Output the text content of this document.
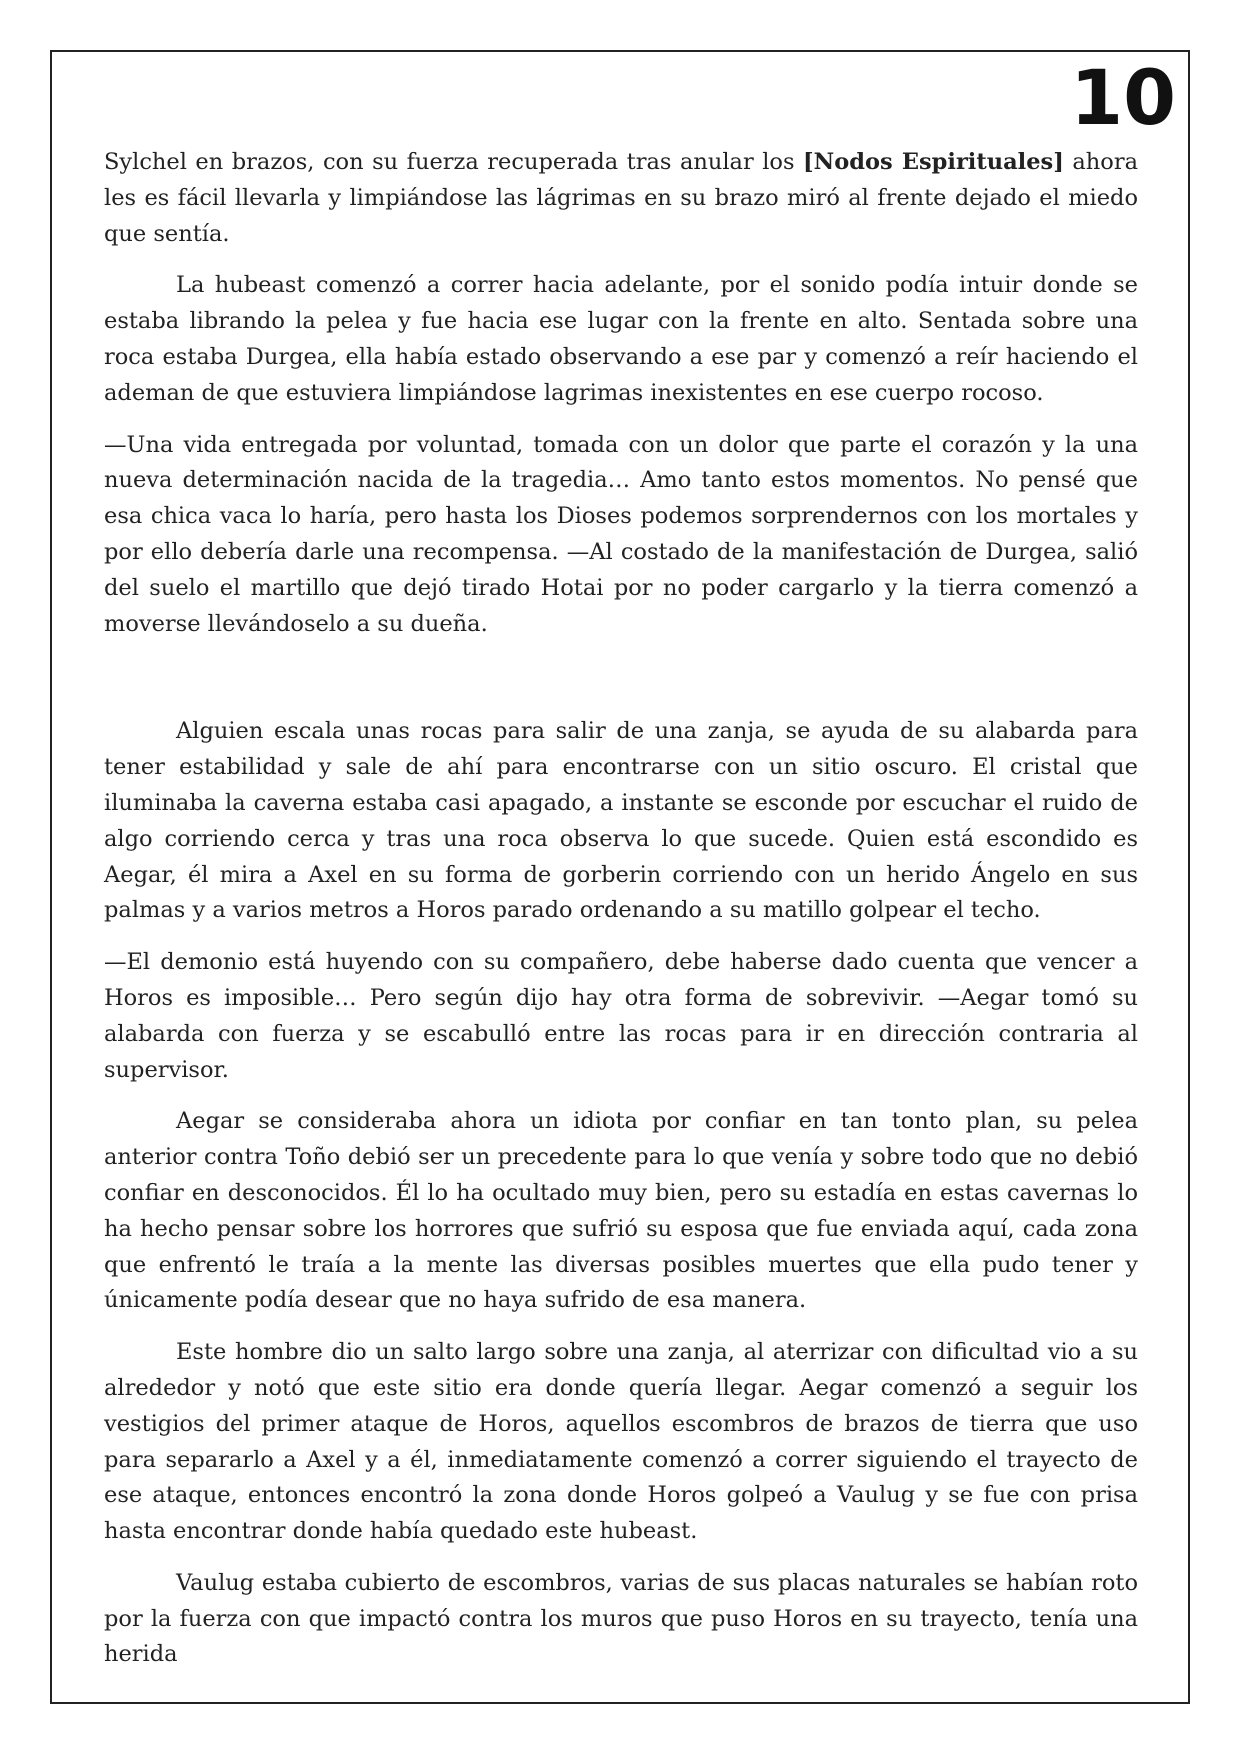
10

Sylchel en brazos, con su fuerza recuperada tras anular los [Nodos Espirituales] ahora les es fácil llevarla y limpiándose las lágrimas en su brazo miró al frente dejado el miedo que sentía.

La hubeast comenzó a correr hacia adelante, por el sonido podía intuir donde se estaba librando la pelea y fue hacia ese lugar con la frente en alto. Sentada sobre una roca estaba Durgea, ella había estado observando a ese par y comenzó a reír haciendo el ademan de que estuviera limpiándose lagrimas inexistentes en ese cuerpo rocoso.

—Una vida entregada por voluntad, tomada con un dolor que parte el corazón y la una nueva determinación nacida de la tragedia… Amo tanto estos momentos. No pensé que esa chica vaca lo haría, pero hasta los Dioses podemos sorprendernos con los mortales y por ello debería darle una recompensa. —Al costado de la manifestación de Durgea, salió del suelo el martillo que dejó tirado Hotai por no poder cargarlo y la tierra comenzó a moverse llevándoselo a su dueña.

Alguien escala unas rocas para salir de una zanja, se ayuda de su alabarda para tener estabilidad y sale de ahí para encontrarse con un sitio oscuro. El cristal que iluminaba la caverna estaba casi apagado, a instante se esconde por escuchar el ruido de algo corriendo cerca y tras una roca observa lo que sucede. Quien está escondido es Aegar, él mira a Axel en su forma de gorberin corriendo con un herido Ángelo en sus palmas y a varios metros a Horos parado ordenando a su matillo golpear el techo.

—El demonio está huyendo con su compañero, debe haberse dado cuenta que vencer a Horos es imposible… Pero según dijo hay otra forma de sobrevivir. —Aegar tomó su alabarda con fuerza y se escabulló entre las rocas para ir en dirección contraria al supervisor.

Aegar se consideraba ahora un idiota por confiar en tan tonto plan, su pelea anterior contra Toño debió ser un precedente para lo que venía y sobre todo que no debió confiar en desconocidos. Él lo ha ocultado muy bien, pero su estadía en estas cavernas lo ha hecho pensar sobre los horrores que sufrió su esposa que fue enviada aquí, cada zona que enfrentó le traía a la mente las diversas posibles muertes que ella pudo tener y únicamente podía desear que no haya sufrido de esa manera.

Este hombre dio un salto largo sobre una zanja, al aterrizar con dificultad vio a su alrededor y notó que este sitio era donde quería llegar. Aegar comenzó a seguir los vestigios del primer ataque de Horos, aquellos escombros de brazos de tierra que uso para separarlo a Axel y a él, inmediatamente comenzó a correr siguiendo el trayecto de ese ataque, entonces encontró la zona donde Horos golpeó a Vaulug y se fue con prisa hasta encontrar donde había quedado este hubeast.

Vaulug estaba cubierto de escombros, varias de sus placas naturales se habían roto por la fuerza con que impactó contra los muros que puso Horos en su trayecto, tenía una herida
